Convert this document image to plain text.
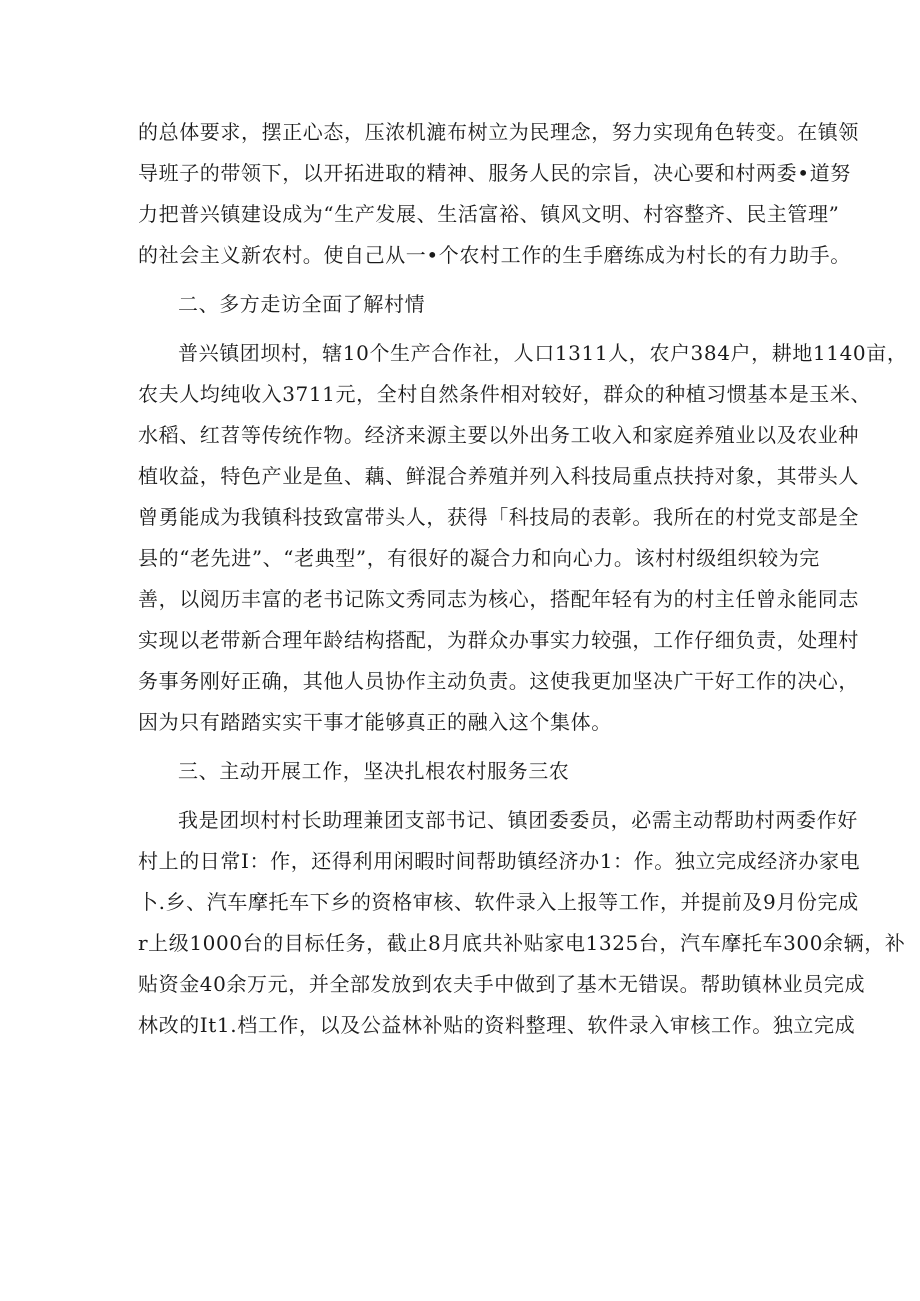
的总体要求，摆正心态，压浓机漉布树立为民理念，努力实现角色转变。在镇领
导班子的带领下，以开拓进取的精神、服务人民的宗旨，决心要和村两委•道努
力把普兴镇建设成为“生产发展、生活富裕、镇风文明、村容整齐、民主管理”
的社会主义新农村。使自己从一•个农村工作的生手磨练成为村长的有力助手。
二、多方走访全面了解村情
普兴镇团坝村，辖10个生产合作社，人口1311人，农户384户，耕地1140亩，
农夫人均纯收入3711元，全村自然条件相对较好，群众的种植习惯基本是玉米、
水稻、红苕等传统作物。经济来源主要以外出务工收入和家庭养殖业以及农业种
植收益，特色产业是鱼、藕、鲜混合养殖并列入科技局重点扶持对象，其带头人
曾勇能成为我镇科技致富带头人，获得「科技局的表彰。我所在的村党支部是全
县的“老先进”、“老典型”，有很好的凝合力和向心力。该村村级组织较为完
善，以阅历丰富的老书记陈文秀同志为核心，搭配年轻有为的村主任曾永能同志
实现以老带新合理年龄结构搭配，为群众办事实力较强，工作仔细负责，处理村
务事务刚好正确，其他人员协作主动负责。这使我更加坚决广干好工作的决心，
因为只有踏踏实实干事才能够真正的融入这个集体。
三、主动开展工作，坚决扎根农村服务三农
我是团坝村村长助理兼团支部书记、镇团委委员，必需主动帮助村两委作好
村上的日常I：作，还得利用闲暇时间帮助镇经济办1：作。独立完成经济办家电
卜.乡、汽车摩托车下乡的资格审核、软件录入上报等工作，并提前及9月份完成
r上级1000台的目标任务，截止8月底共补贴家电1325台，汽车摩托车300余辆，补
贴资金40余万元，并全部发放到农夫手中做到了基木无错误。帮助镇林业员完成
林改的It1.档工作，以及公益林补贴的资料整理、软件录入审核工作。独立完成
